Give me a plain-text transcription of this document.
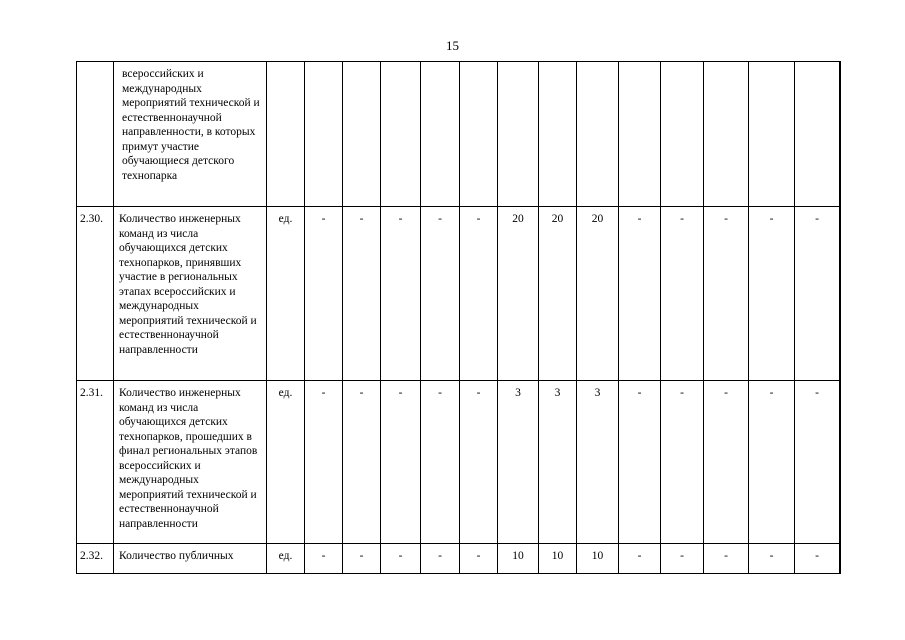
15
	всероссийских и международных мероприятий технической и естественнонаучной направленности, в которых примут участие обучающиеся детского технопарка															
2.30.	Количество инженерных команд из числа обучающихся детских технопарков, принявших участие в региональных этапах всероссийских и международных мероприятий технической и естественнонаучной направленности	ед.	-	-	-	-	-	20	20	20	-	-	-	-	-	
2.31.	Количество инженерных команд из числа обучающихся детских технопарков, прошедших в финал региональных этапов всероссийских и международных мероприятий технической и естественнонаучной направленности	ед.	-	-	-	-	-	3	3	3	-	-	-	-	-	
2.32.	Количество публичных	ед.	-	-	-	-	-	10	10	10	-	-	-	-	-	
